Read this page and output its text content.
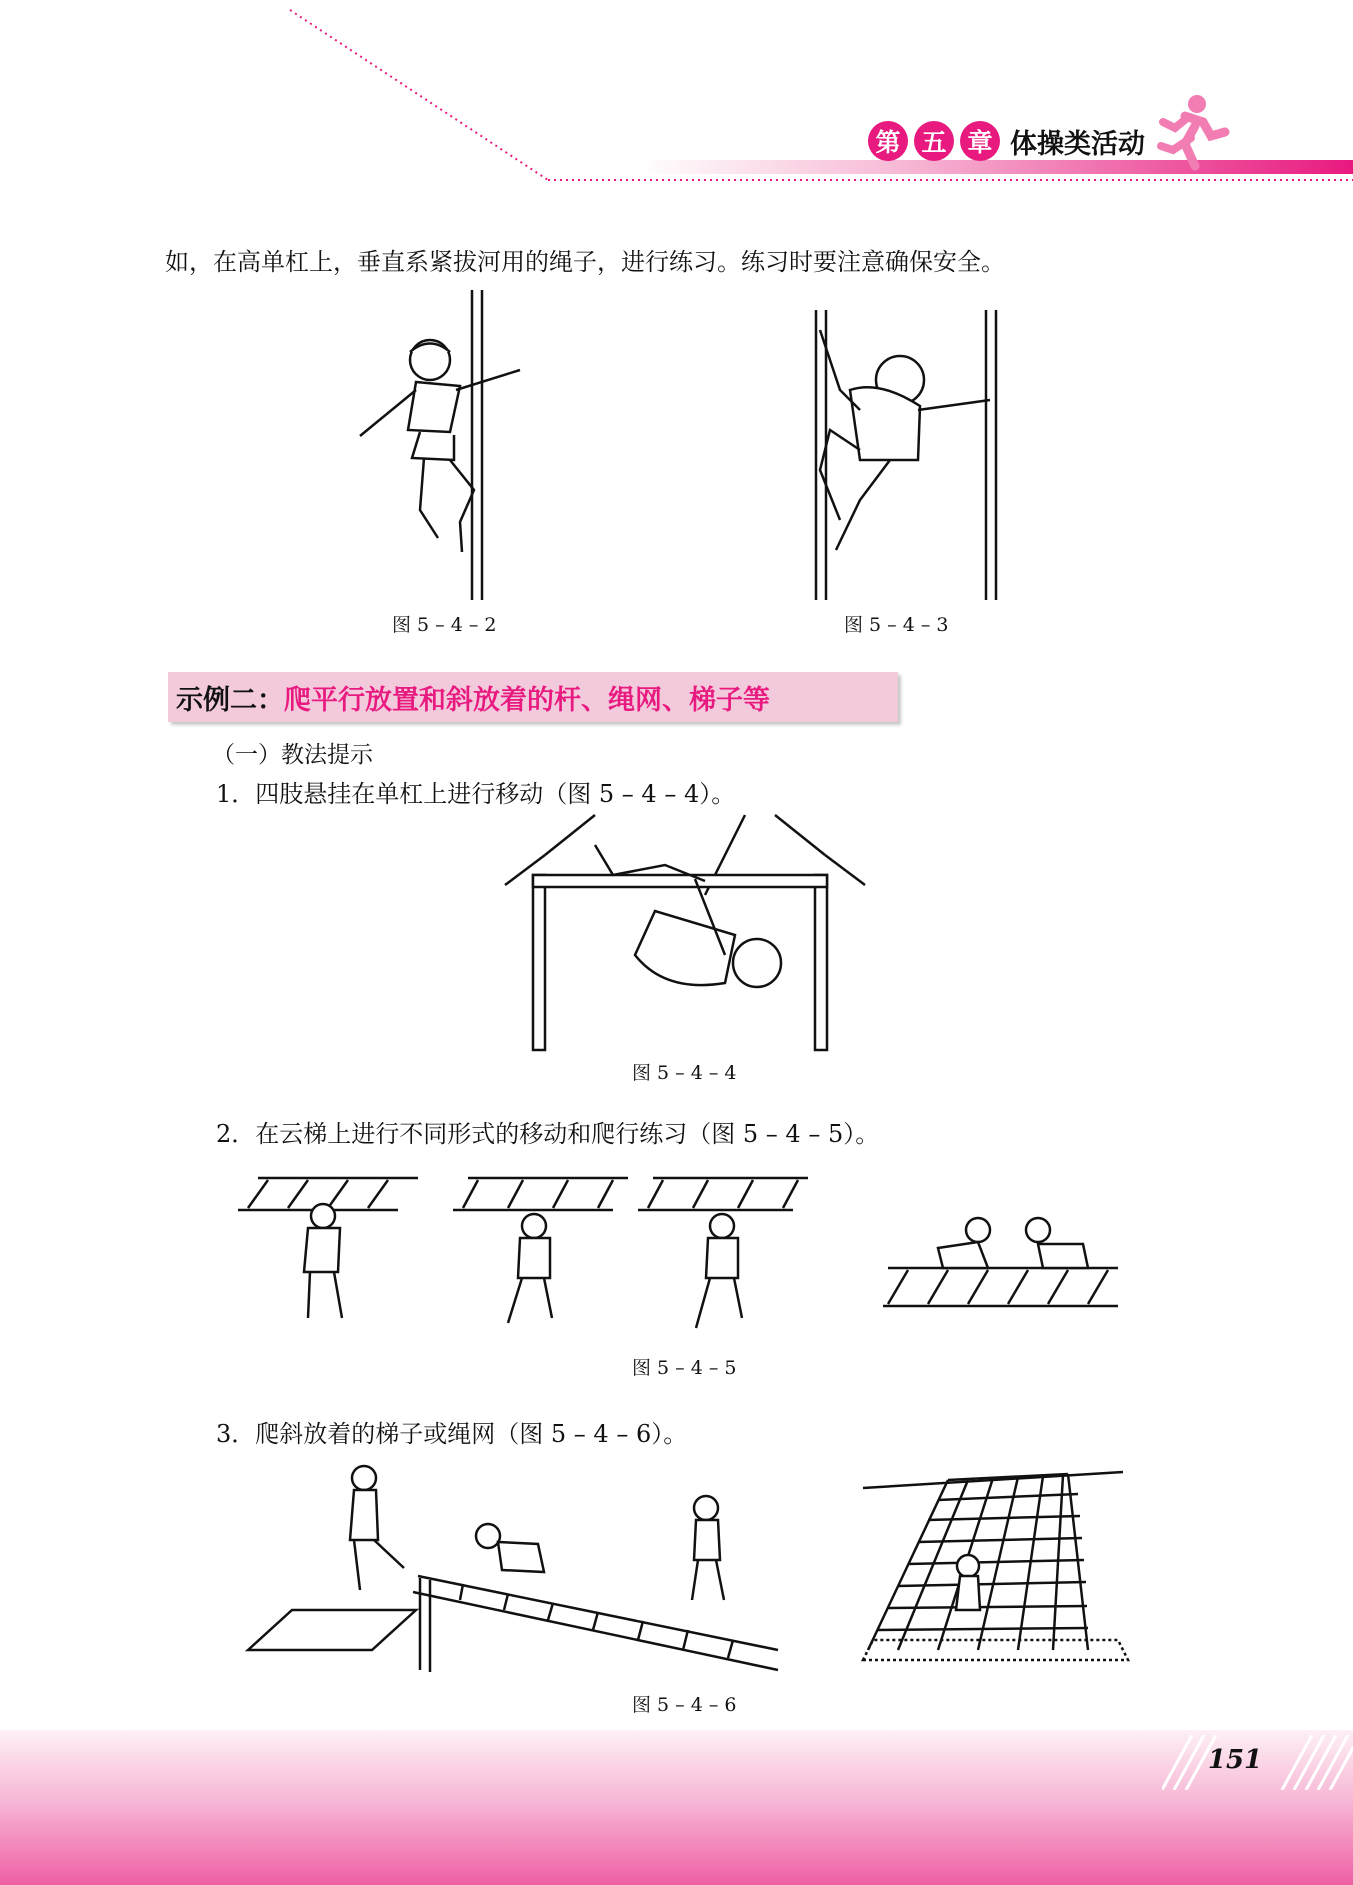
第 五 章 体操类活动
如，在高单杠上，垂直系紧拔河用的绳子，进行练习。练习时要注意确保安全。
图 5 – 4 – 2	图 5 – 4 – 3
示例二： 爬平行放置和斜放着的杆、绳网、梯子等
（一）教法提示
1．四肢悬挂在单杠上进行移动（图 5 – 4 – 4）。
图 5 – 4 – 4
2．在云梯上进行不同形式的移动和爬行练习（图 5 – 4 – 5）。
图 5 – 4 – 5
3．爬斜放着的梯子或绳网（图 5 – 4 – 6）。
图 5 – 4 – 6
151
